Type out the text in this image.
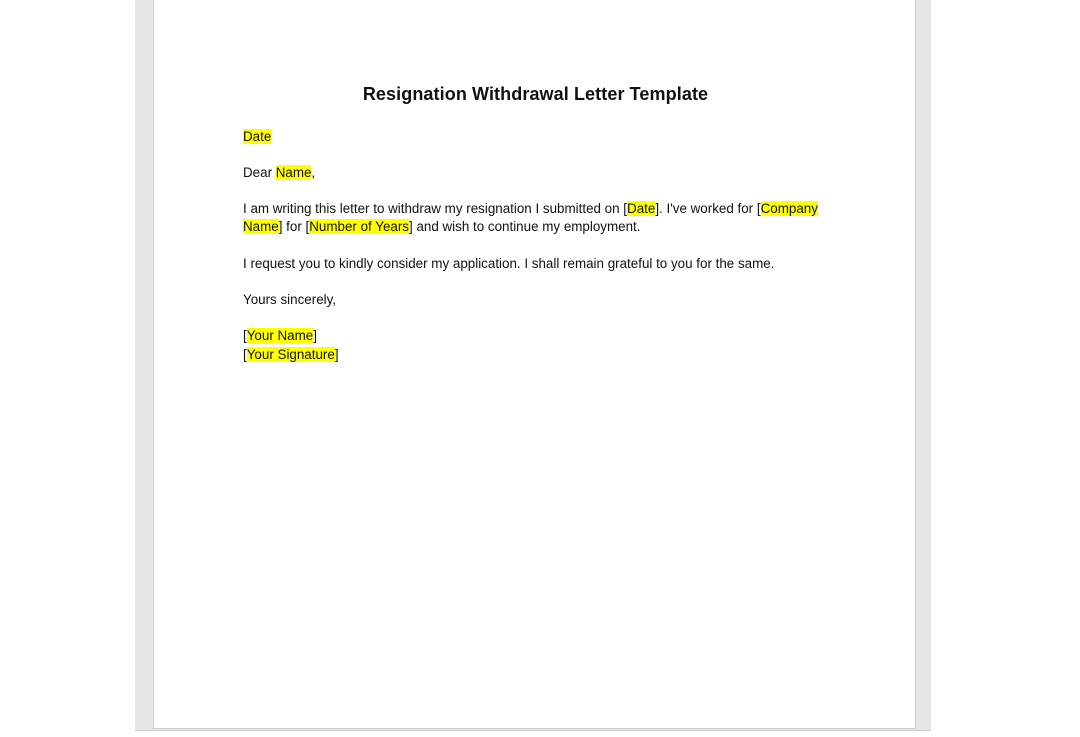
Resignation Withdrawal Letter Template
Date
Dear Name,
I am writing this letter to withdraw my resignation I submitted on [Date]. I've worked for [Company
Name] for [Number of Years] and wish to continue my employment.
I request you to kindly consider my application. I shall remain grateful to you for the same.
Yours sincerely,
[Your Name]
[Your Signature]
